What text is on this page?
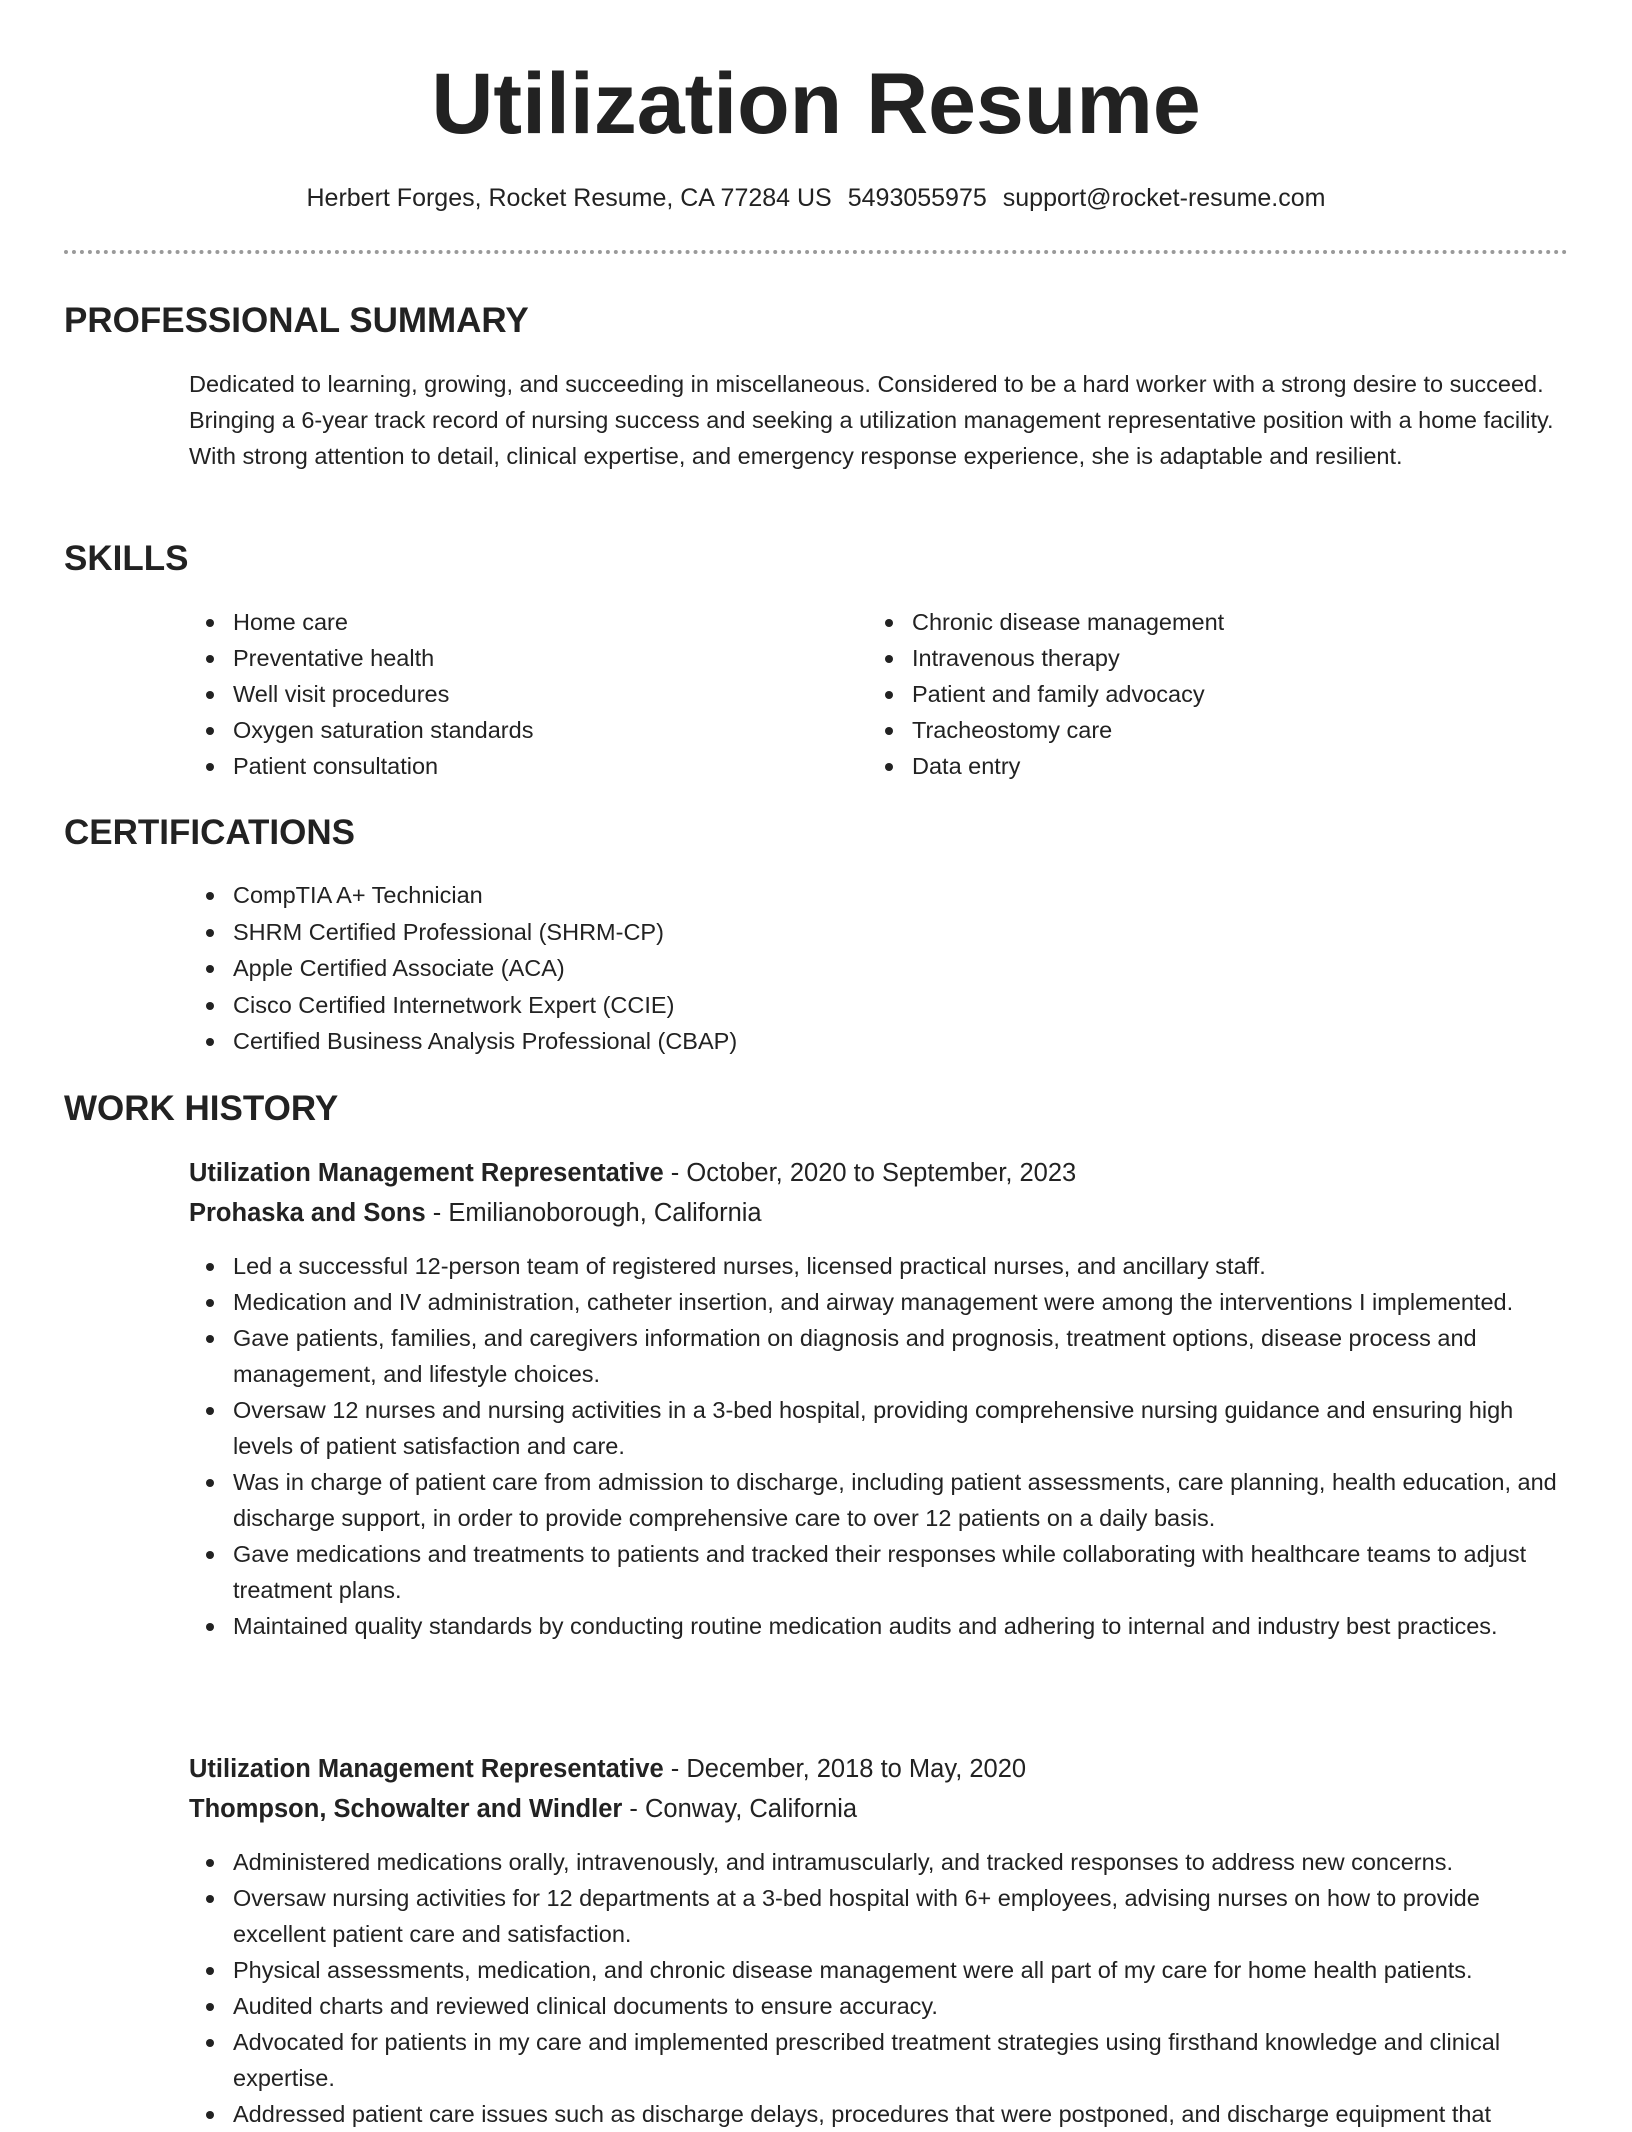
Utilization Resume
Herbert Forges, Rocket Resume, CA 77284 US 5493055975 support@rocket-resume.com
PROFESSIONAL SUMMARY

Dedicated to learning, growing, and succeeding in miscellaneous. Considered to be a hard worker with a strong desire to succeed. Bringing a 6-year track record of nursing success and seeking a utilization management representative position with a home facility. With strong attention to detail, clinical expertise, and emergency response experience, she is adaptable and resilient.

SKILLS
Home care
Preventative health
Well visit procedures
Oxygen saturation standards
Patient consultation
Chronic disease management
Intravenous therapy
Patient and family advocacy
Tracheostomy care
Data entry
CERTIFICATIONS
CompTIA A+ Technician
SHRM Certified Professional (SHRM-CP)
Apple Certified Associate (ACA)
Cisco Certified Internetwork Expert (CCIE)
Certified Business Analysis Professional (CBAP)
WORK HISTORY

Utilization Management Representative - October, 2020 to September, 2023

Prohaska and Sons - Emilianoborough, California

Led a successful 12-person team of registered nurses, licensed practical nurses, and ancillary staff.
Medication and IV administration, catheter insertion, and airway management were among the interventions I implemented.
Gave patients, families, and caregivers information on diagnosis and prognosis, treatment options, disease process and management, and lifestyle choices.
Oversaw 12 nurses and nursing activities in a 3-bed hospital, providing comprehensive nursing guidance and ensuring high levels of patient satisfaction and care.
Was in charge of patient care from admission to discharge, including patient assessments, care planning, health education, and discharge support, in order to provide comprehensive care to over 12 patients on a daily basis.
Gave medications and treatments to patients and tracked their responses while collaborating with healthcare teams to adjust treatment plans.
Maintained quality standards by conducting routine medication audits and adhering to internal and industry best practices.

Utilization Management Representative - December, 2018 to May, 2020

Thompson, Schowalter and Windler - Conway, California

Administered medications orally, intravenously, and intramuscularly, and tracked responses to address new concerns.
Oversaw nursing activities for 12 departments at a 3-bed hospital with 6+ employees, advising nurses on how to provide excellent patient care and satisfaction.
Physical assessments, medication, and chronic disease management were all part of my care for home health patients.
Audited charts and reviewed clinical documents to ensure accuracy.
Advocated for patients in my care and implemented prescribed treatment strategies using firsthand knowledge and clinical expertise.
Addressed patient care issues such as discharge delays, procedures that were postponed, and discharge equipment that
